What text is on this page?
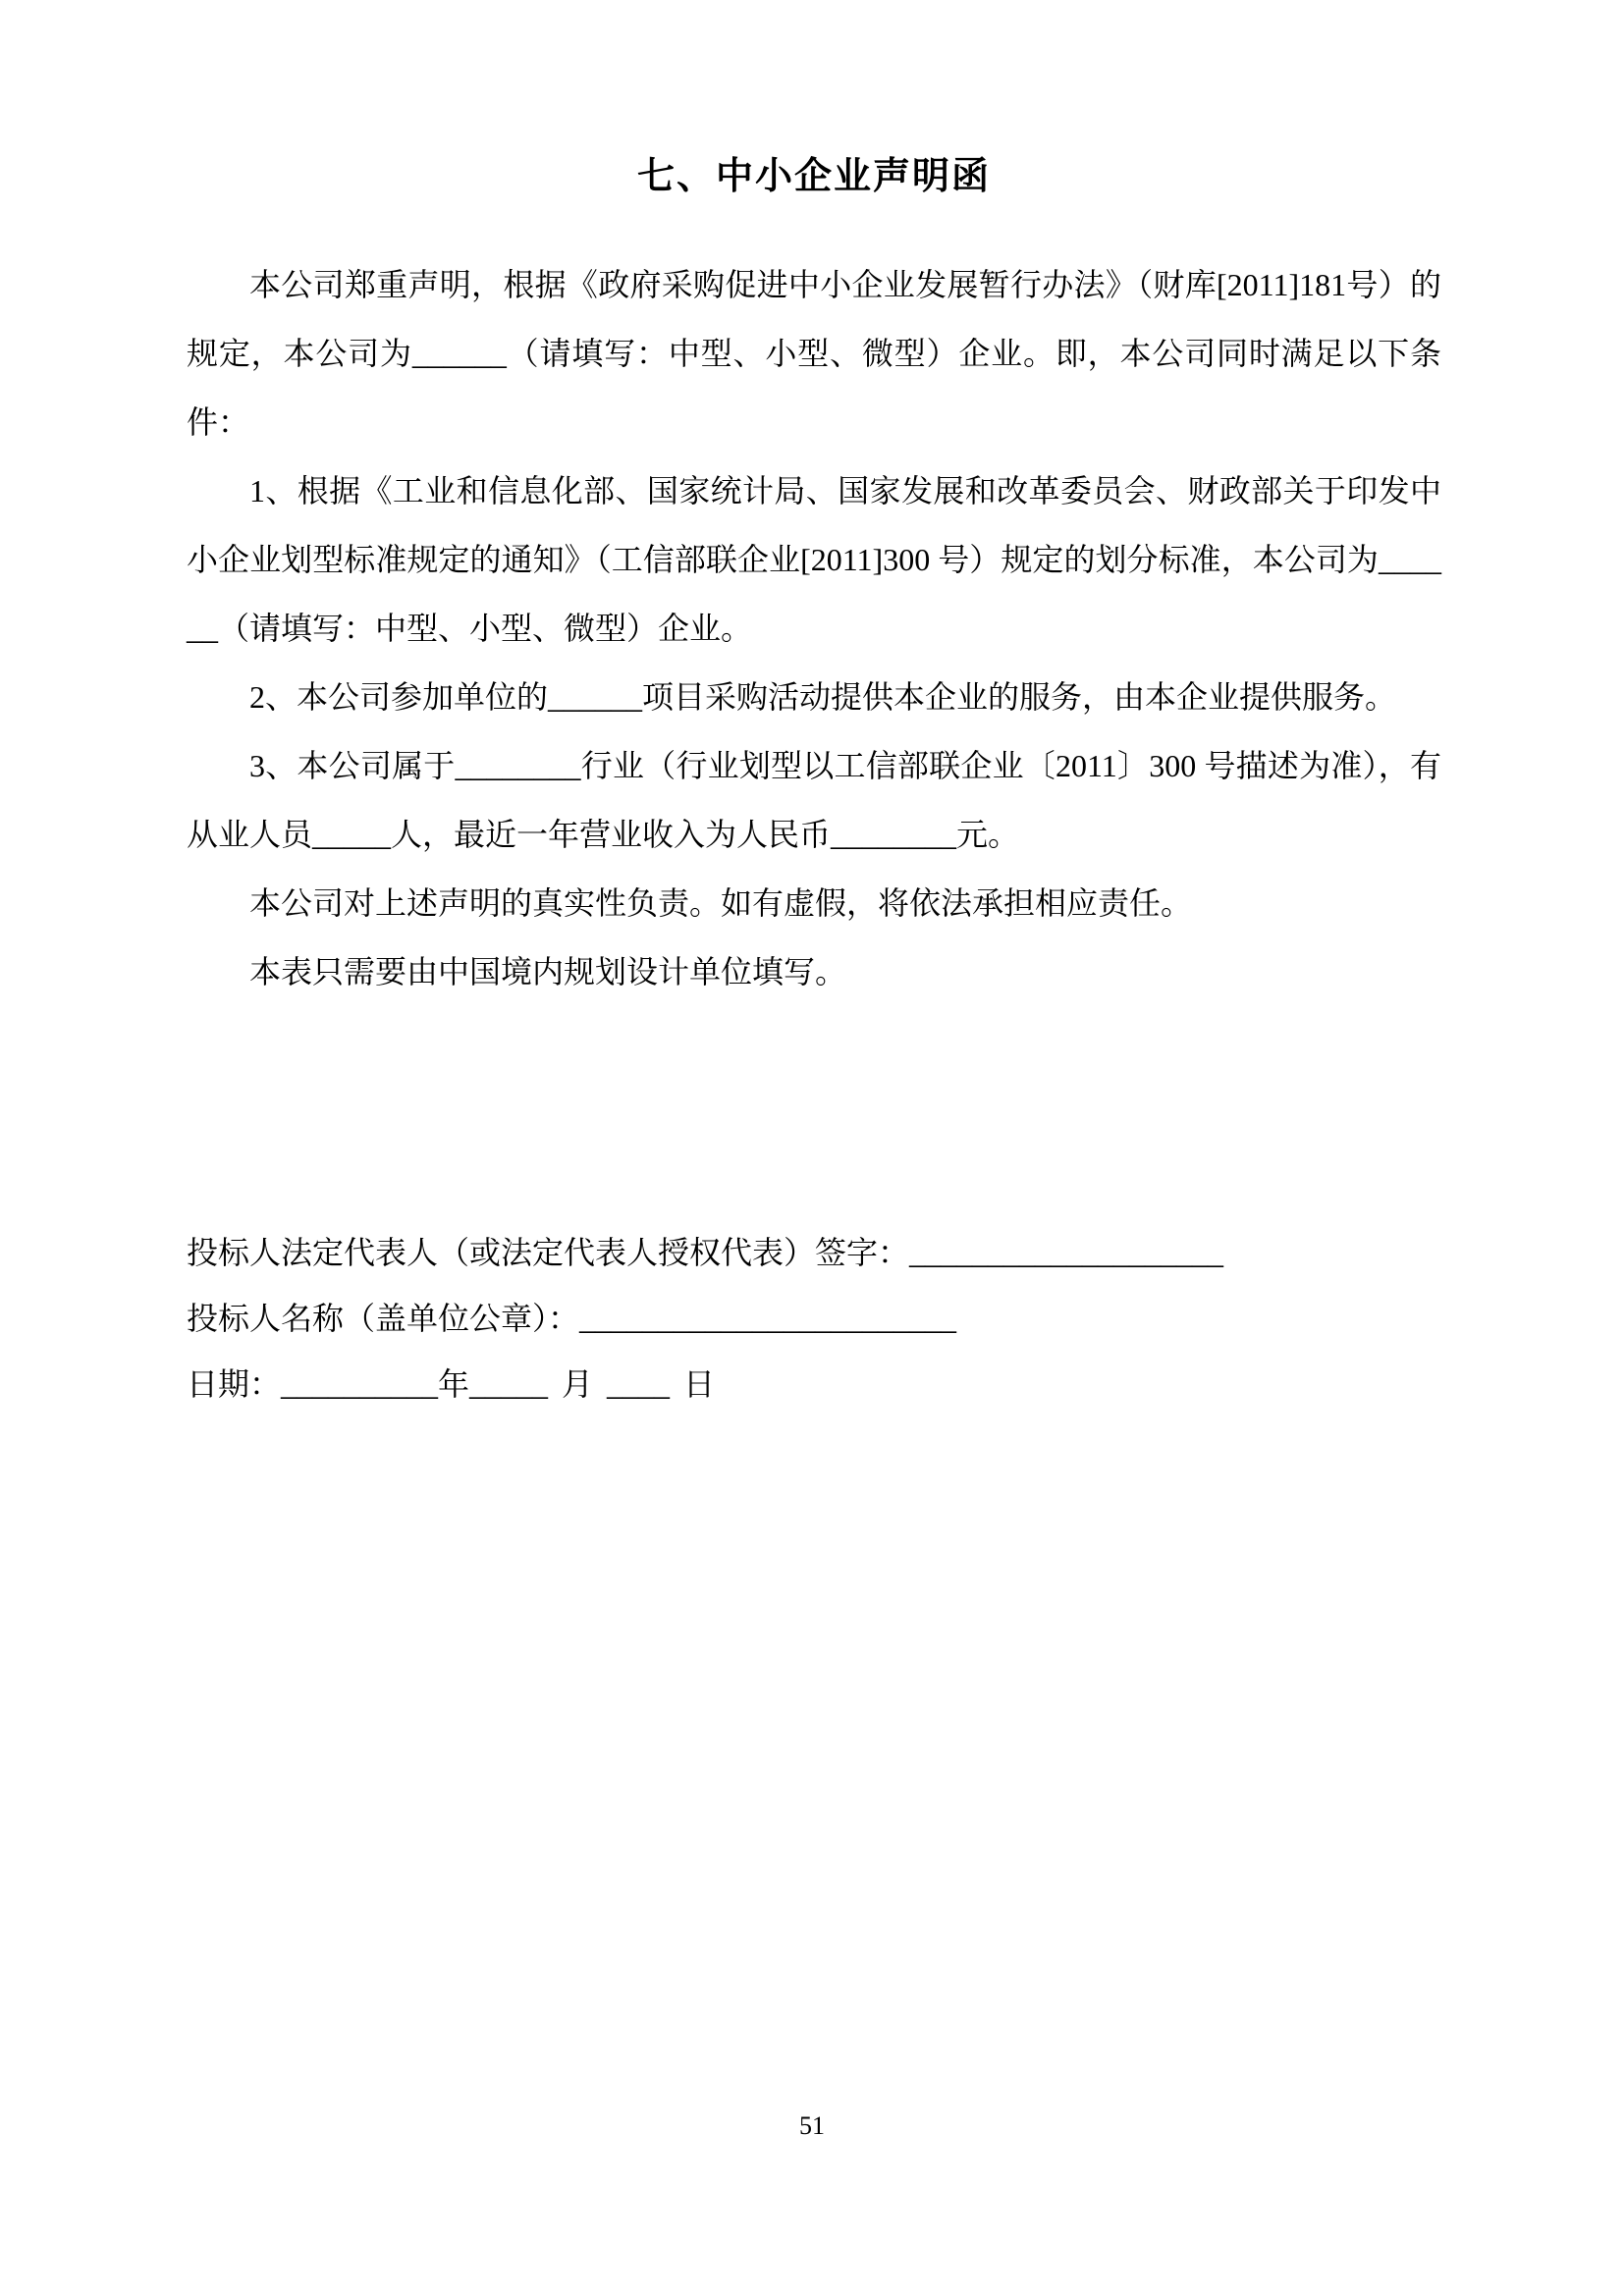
七、中小企业声明函

本公司郑重声明，根据《政府采购促进中小企业发展暂行办法》（财库[2011]181号）的规定，本公司为______（请填写：中型、小型、微型）企业。即，本公司同时满足以下条件：

1、根据《工业和信息化部、国家统计局、国家发展和改革委员会、财政部关于印发中小企业划型标准规定的通知》（工信部联企业[2011]300 号）规定的划分标准，本公司为______（请填写：中型、小型、微型）企业。

2、本公司参加单位的______项目采购活动提供本企业的服务，由本企业提供服务。

3、本公司属于________行业（行业划型以工信部联企业〔2011〕300 号描述为准），有从业人员_____人，最近一年营业收入为人民币________元。

本公司对上述声明的真实性负责。如有虚假，将依法承担相应责任。

本表只需要由中国境内规划设计单位填写。

投标人法定代表人（或法定代表人授权代表）签字：____________________

投标人名称（盖单位公章）：________________________

日期：__________年_____ 月 ____ 日

51
